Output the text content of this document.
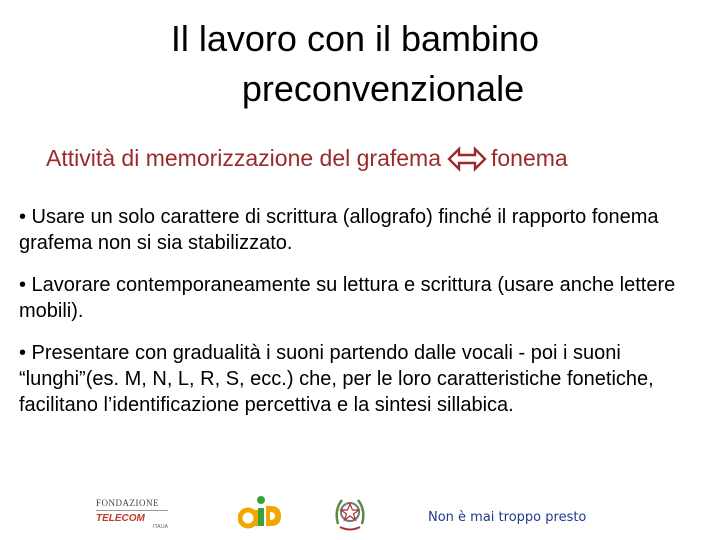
Il lavoro con il bambino
preconvenzionale
Attività di memorizzazione del grafema fonema
• Usare un solo carattere di scrittura (allografo) finché il rapporto fonema grafema non si sia stabilizzato.
• Lavorare contemporaneamente su lettura e scrittura (usare anche lettere mobili).
• Presentare con gradualità i suoni partendo dalle vocali - poi i suoni “lunghi”(es. M, N, L, R, S, ecc.) che, per le loro caratteristiche fonetiche, facilitano l’identificazione percettiva e la sintesi sillabica.
FONDAZIONE
TELECOM
ITALIA
Non è mai troppo presto
